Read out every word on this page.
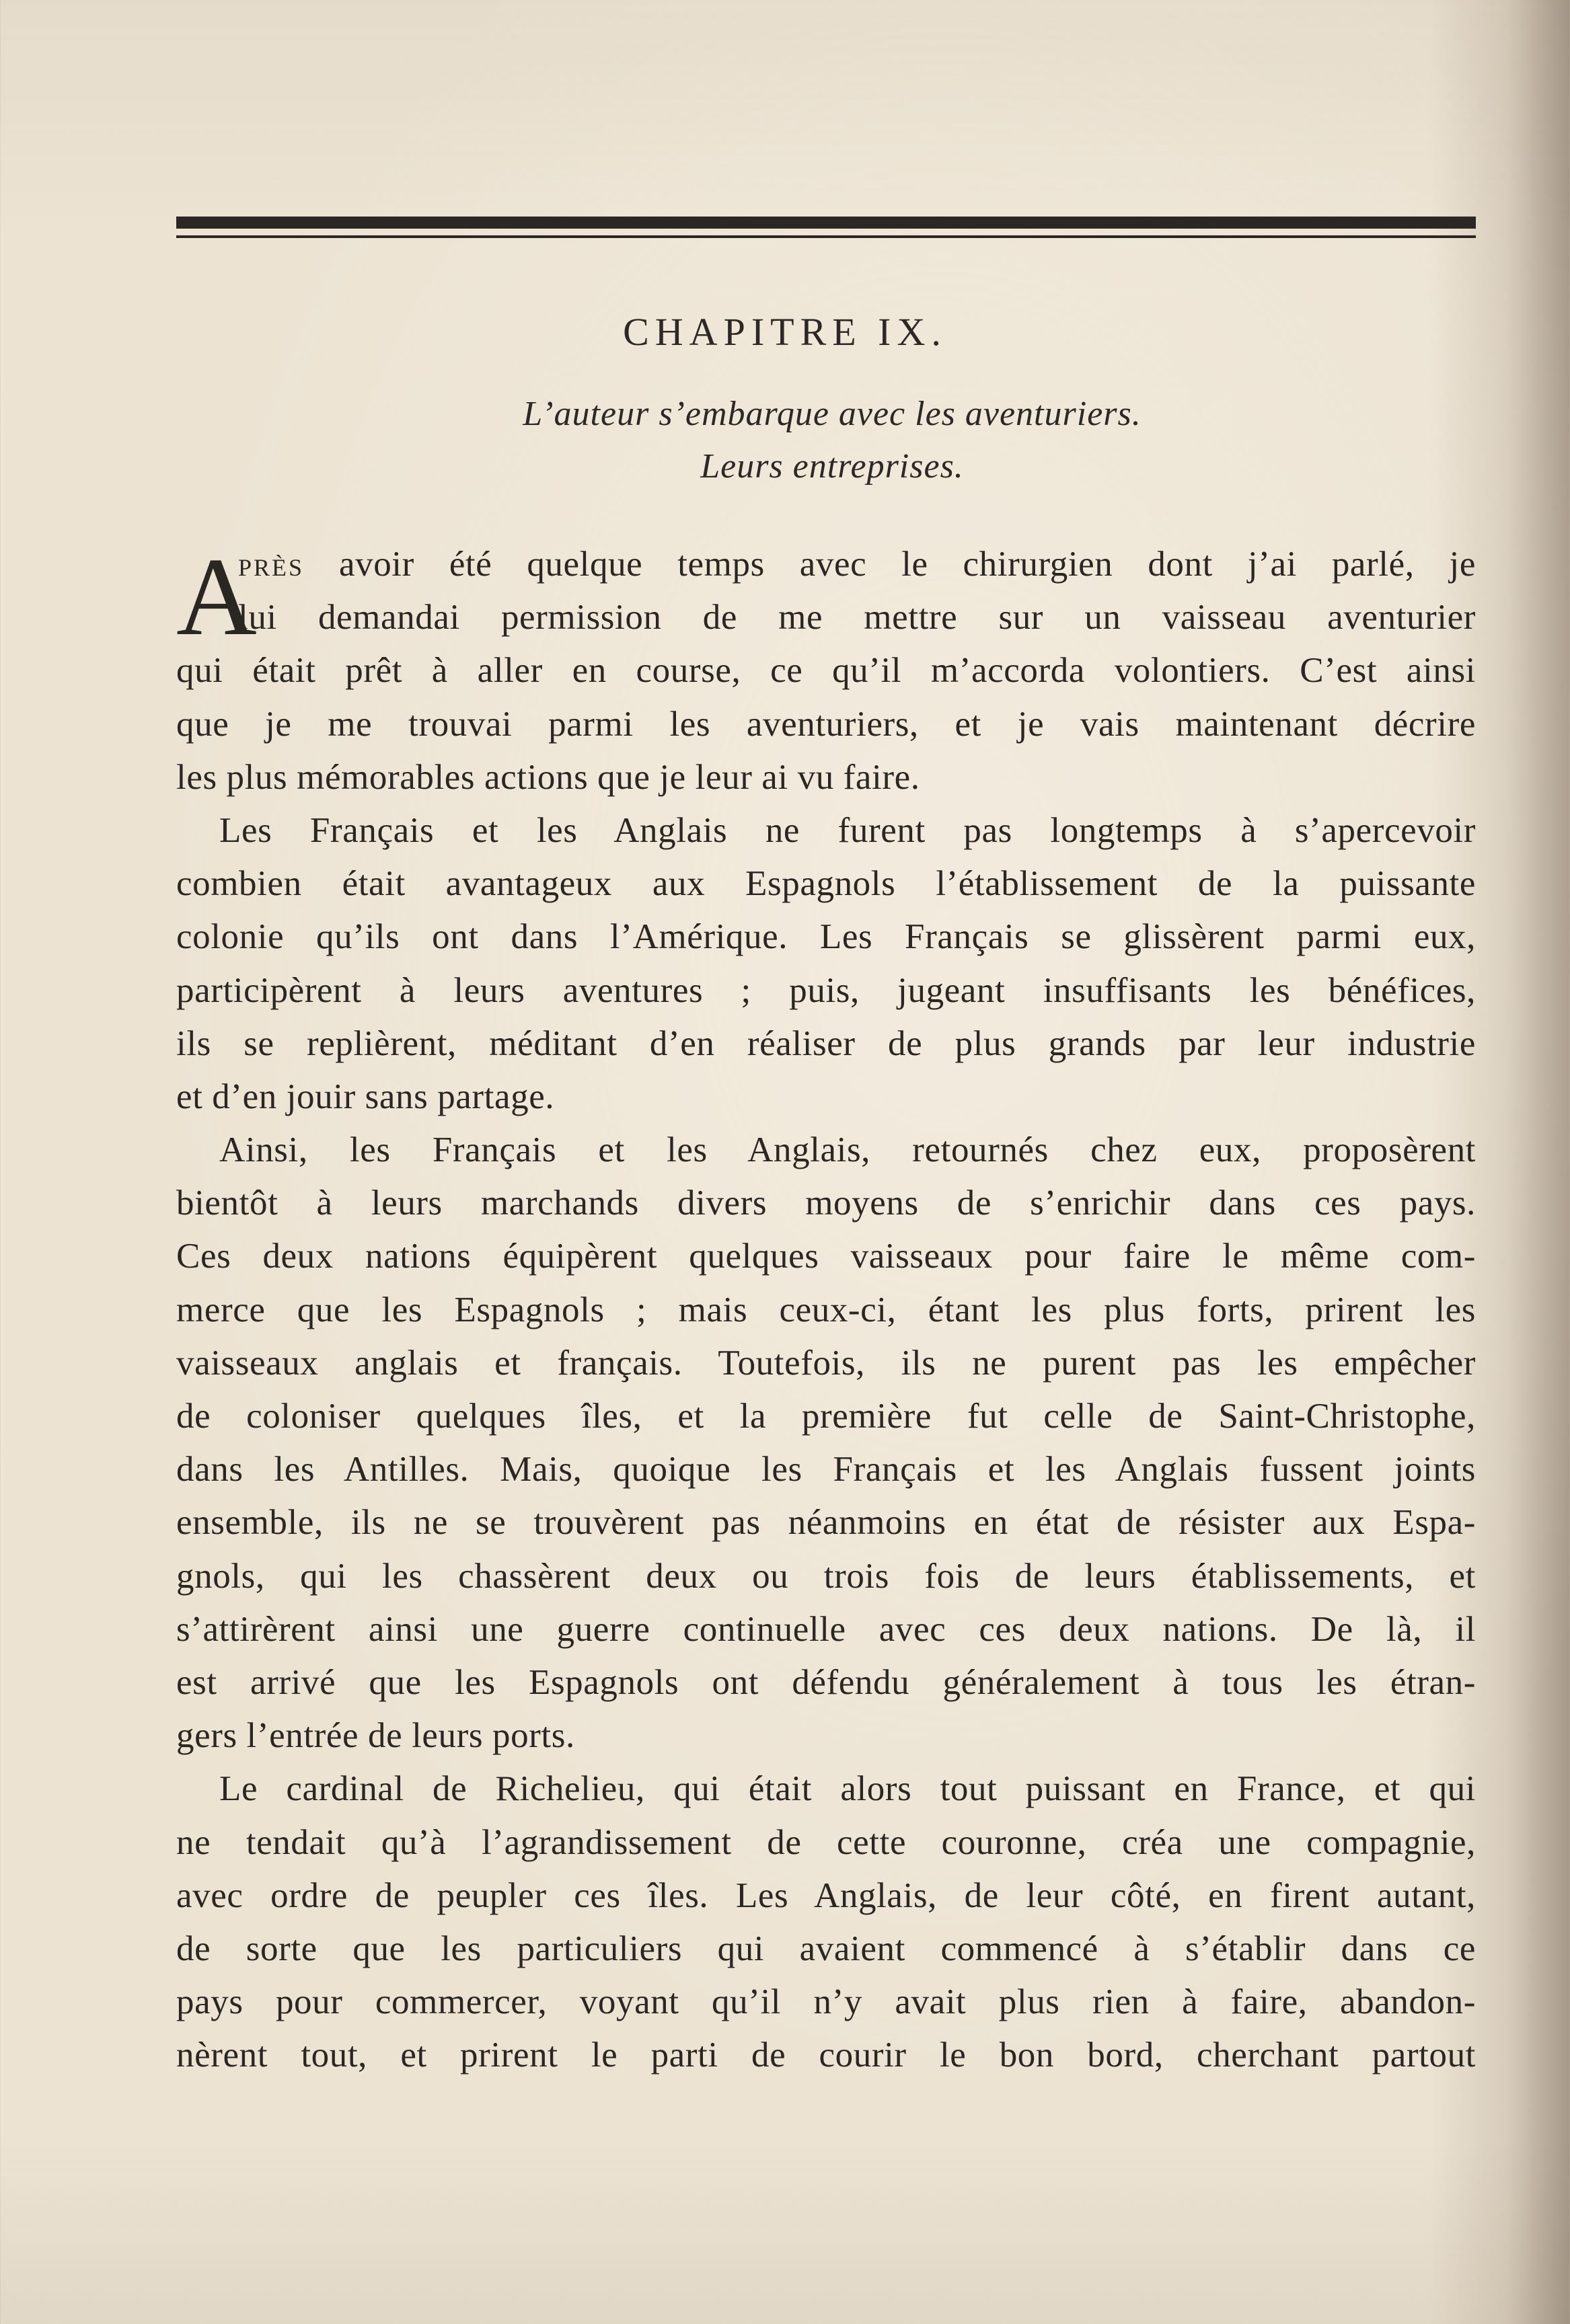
CHAPITRE IX.
L’auteur s’embarque avec les aventuriers.
Leurs entreprises.
A
PRÈS avoir été quelque temps avec le chirurgien dont j’ai parlé, je
lui demandai permission de me mettre sur un vaisseau aventurier
qui était prêt à aller en course, ce qu’il m’accorda volontiers. C’est ainsi
que je me trouvai parmi les aventuriers, et je vais maintenant décrire
les plus mémorables actions que je leur ai vu faire.
Les Français et les Anglais ne furent pas longtemps à s’apercevoir
combien était avantageux aux Espagnols l’établissement de la puissante
colonie qu’ils ont dans l’Amérique. Les Français se glissèrent parmi eux,
participèrent à leurs aventures ; puis, jugeant insuffisants les bénéfices,
ils se replièrent, méditant d’en réaliser de plus grands par leur industrie
et d’en jouir sans partage.
Ainsi, les Français et les Anglais, retournés chez eux, proposèrent
bientôt à leurs marchands divers moyens de s’enrichir dans ces pays.
Ces deux nations équipèrent quelques vaisseaux pour faire le même com-
merce que les Espagnols ; mais ceux-ci, étant les plus forts, prirent les
vaisseaux anglais et français. Toutefois, ils ne purent pas les empêcher
de coloniser quelques îles, et la première fut celle de Saint-Christophe,
dans les Antilles. Mais, quoique les Français et les Anglais fussent joints
ensemble, ils ne se trouvèrent pas néanmoins en état de résister aux Espa-
gnols, qui les chassèrent deux ou trois fois de leurs établissements, et
s’attirèrent ainsi une guerre continuelle avec ces deux nations. De là, il
est arrivé que les Espagnols ont défendu généralement à tous les étran-
gers l’entrée de leurs ports.
Le cardinal de Richelieu, qui était alors tout puissant en France, et qui
ne tendait qu’à l’agrandissement de cette couronne, créa une compagnie,
avec ordre de peupler ces îles. Les Anglais, de leur côté, en firent autant,
de sorte que les particuliers qui avaient commencé à s’établir dans ce
pays pour commercer, voyant qu’il n’y avait plus rien à faire, abandon-
nèrent tout, et prirent le parti de courir le bon bord, cherchant partout
